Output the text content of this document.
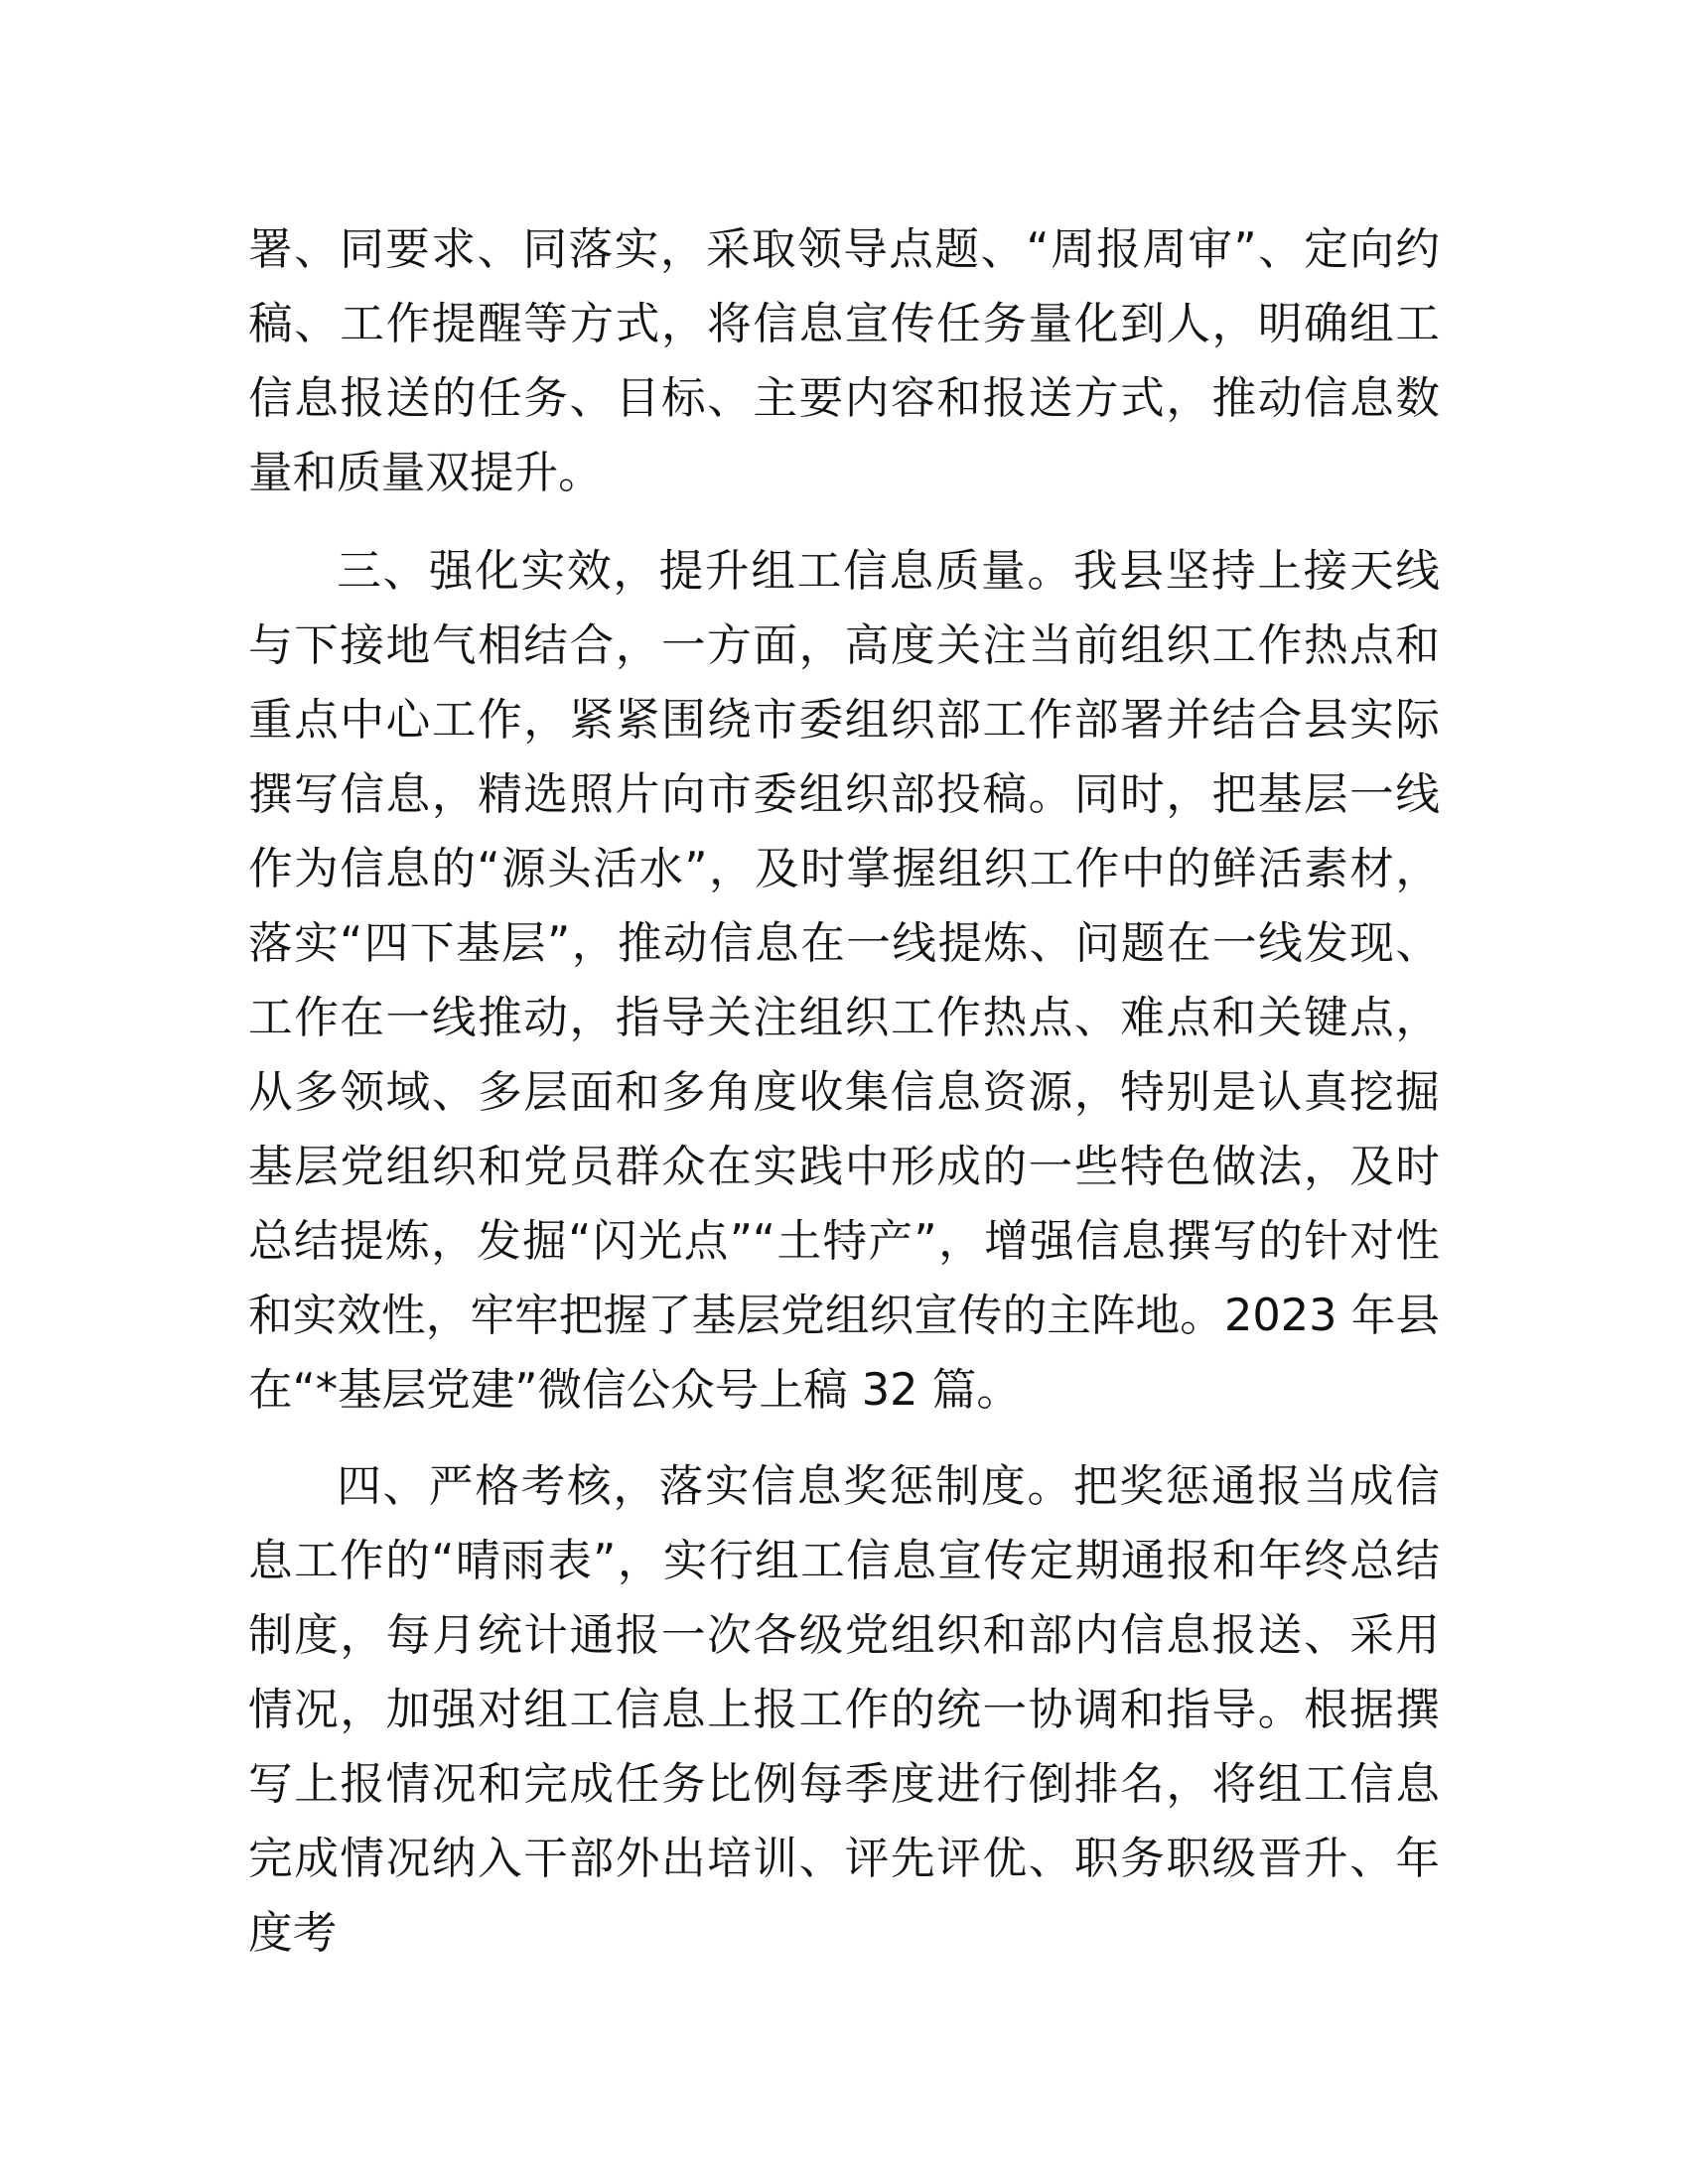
署、同要求、同落实，采取领导点题、“周报周审”、定向约稿、工作提醒等方式，将信息宣传任务量化到人，明确组工信息报送的任务、目标、主要内容和报送方式，推动信息数量和质量双提升。

三、强化实效，提升组工信息质量。我县坚持上接天线与下接地气相结合，一方面，高度关注当前组织工作热点和重点中心工作，紧紧围绕市委组织部工作部署并结合县实际撰写信息，精选照片向市委组织部投稿。同时，把基层一线作为信息的“源头活水”，及时掌握组织工作中的鲜活素材，落实“四下基层”，推动信息在一线提炼、问题在一线发现、工作在一线推动，指导关注组织工作热点、难点和关键点，从多领域、多层面和多角度收集信息资源，特别是认真挖掘基层党组织和党员群众在实践中形成的一些特色做法，及时总结提炼，发掘“闪光点”“土特产”，增强信息撰写的针对性和实效性，牢牢把握了基层党组织宣传的主阵地。2023 年县在“*基层党建”微信公众号上稿 32 篇。

四、严格考核，落实信息奖惩制度。把奖惩通报当成信息工作的“晴雨表”，实行组工信息宣传定期通报和年终总结制度，每月统计通报一次各级党组织和部内信息报送、采用情况，加强对组工信息上报工作的统一协调和指导。根据撰写上报情况和完成任务比例每季度进行倒排名，将组工信息完成情况纳入干部外出培训、评先评优、职务职级晋升、年度考
